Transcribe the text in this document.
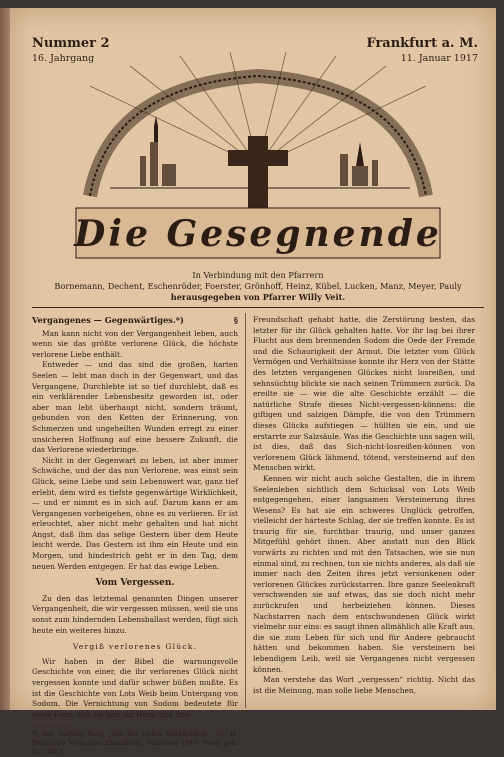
Nummer 2
16. Jahrgang
Frankfurt a. M.
11. Januar 1917
Die Gesegnende
In Verbindung mit den Pfarrern
Bornemann, Dechent, Eschenröder, Foerster, Grönhoff, Heinz, Kübel, Lucken, Manz, Meyer, Pauly
herausgegeben von Pfarrer Willy Veit.
Vergangenes — Gegenwärtiges.*)	§

Man kann nicht von der Vergangenheit leben, auch wenn sie das größte verlorene Glück, die höchste verlorene Liebe enthält.

Entweder — und das sind die großen, harten Seelen — lebt man doch in der Gegenwart, und das Vergangene, Durchlebte ist so tief durchlebt, daß es ein verklärender Lebensbesitz geworden ist, oder aber man lebt überhaupt nicht, sondern träumt, gebunden von den Ketten der Erinnerung, von Schmerzen und ungeheilten Wunden erregt zu einer unsicheren Hoffnung auf eine bessere Zukunft, die das Verlorene wiederbringe.

Nicht in der Gegenwart zu leben, ist aber immer Schwäche, und der das nun Verlorene, was einst sein Glück, seine Liebe und sein Lebenswert war, ganz tief erlebt, dem wird es tiefste gegenwärtige Wirklichkeit, — und er nimmt es in sich auf. Darum kann er am Vergangenen vorbeigehen, ohne es zu verlieren. Er ist erleuchtet, aber nicht mehr gehalten und hat nicht Angst, daß ihm das selige Gestern über dem Heute leicht werde. Das Gestern ist ihm ein Heute und ein Morgen, und hindestrich geht er in den Tag, dem neuen Werden entgegen. Er hat das ewige Leben.

Vom Vergessen.

Zu den das letztemal genannten Dingen unserer Vergangenheit, die wir vergessen müssen, weil sie uns sonst zum hindernden Lebensballast werden, fügt sich heute ein weiteres hinzu.

Vergiß verlorenes Glück.

Wir haben in der Bibel die warnungsvolle Geschichte von einer, die ihr verlorenes Glück nicht vergessen konnte und dafür schwer büßen mußte. Es ist die Geschichte von Lots Weib beim Untergang von Sodom. Die Vernichtung von Sodom bedeutete für diese Frau, daß sie hier ihr Heim und ihre

*) Aus Ludwig Borg „Von der tiefen Wirklichkeit“. (C. H. Beck'sche Verlagsbuchhandlung, München 1917. Preis geb. 2.— Mk.)

Freundschaft gehabt hatte, die Zerstörung besten, das letzter für ihr Glück gehalten hatte. Vor ihr lag bei ihrer Flucht aus dem brennenden Sodom die Oede der Fremde und die Schaurigkeit der Armut. Die letzter vom Glück Vermögen und Verhältnisse konnte ihr Herz von der Stätte des letzten vergangenen Glückes nicht losreißen, und sehnsüchtig blickte sie nach seinen Trümmern zurück. Da ereilte sie — wie die alte Geschichte erzählt — die natürliche Strafe dieses Nicht-vergessen-könnens: die giftigen und salzigen Dämpfe, die von den Trümmern dieses Glücks aufstiegen — hüllten sie ein, und sie erstarrte zur Salzsäule. Was die Geschichte uns sagen will, ist dies, daß das Sich-nicht-losreißen-können von verlorenem Glück lähmend, tötend, versteinernd auf den Menschen wirkt.

Kennen wir nicht auch solche Gestalten, die in ihrem Seelenleben sichtlich dem Schicksal von Lots Weib entgegengehen, einer langsamen Versteinerung ihres Wesens? Es hat sie ein schweres Unglück getroffen, vielleicht der härteste Schlag, der sie treffen konnte. Es ist traurig für sie, furchtbar traurig, und unser ganzes Mitgefühl gehört ihnen. Aber anstatt nun den Blick vorwärts zu richten und mit den Tatsachen, wie sie nun einmal sind, zu rechnen, tun sie nichts anderes, als daß sie immer nach den Zeiten ihres jetzt versunkenen oder verlorenen Glückes zurückstarren. Ihre ganze Seelenkraft verschwenden sie auf etwas, das sie doch nicht mehr zurückrufen und herbeiziehen können. Dieses Nachstarren nach dem entschwundenen Glück wirkt vielmehr nur eins: es saugt ihnen allmählich alle Kraft aus, die sie zum Leben für sich und für Andere gebraucht hätten und bekommen haben. Sie versteinern bei lebendigem Leib, weil sie Vergangenes nicht vergessen können.

Man verstehe das Wort „vergessen“ richtig. Nicht das ist die Meinung, man solle liebe Menschen,
